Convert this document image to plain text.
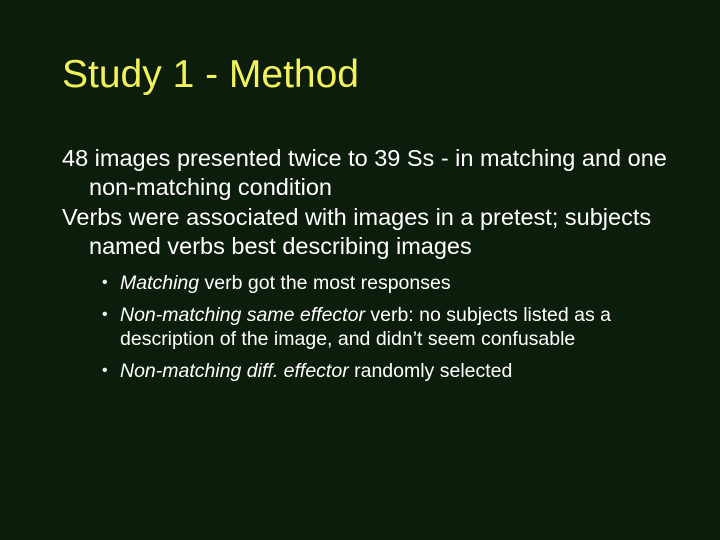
Study 1 - Method

48 images presented twice to 39 Ss - in matching and one non-matching condition

Verbs were associated with images in a pretest; subjects named verbs best describing images

• Matching verb got the most responses
• Non-matching same effector verb: no subjects listed as a description of the image, and didn’t seem confusable
• Non-matching diff. effector randomly selected
